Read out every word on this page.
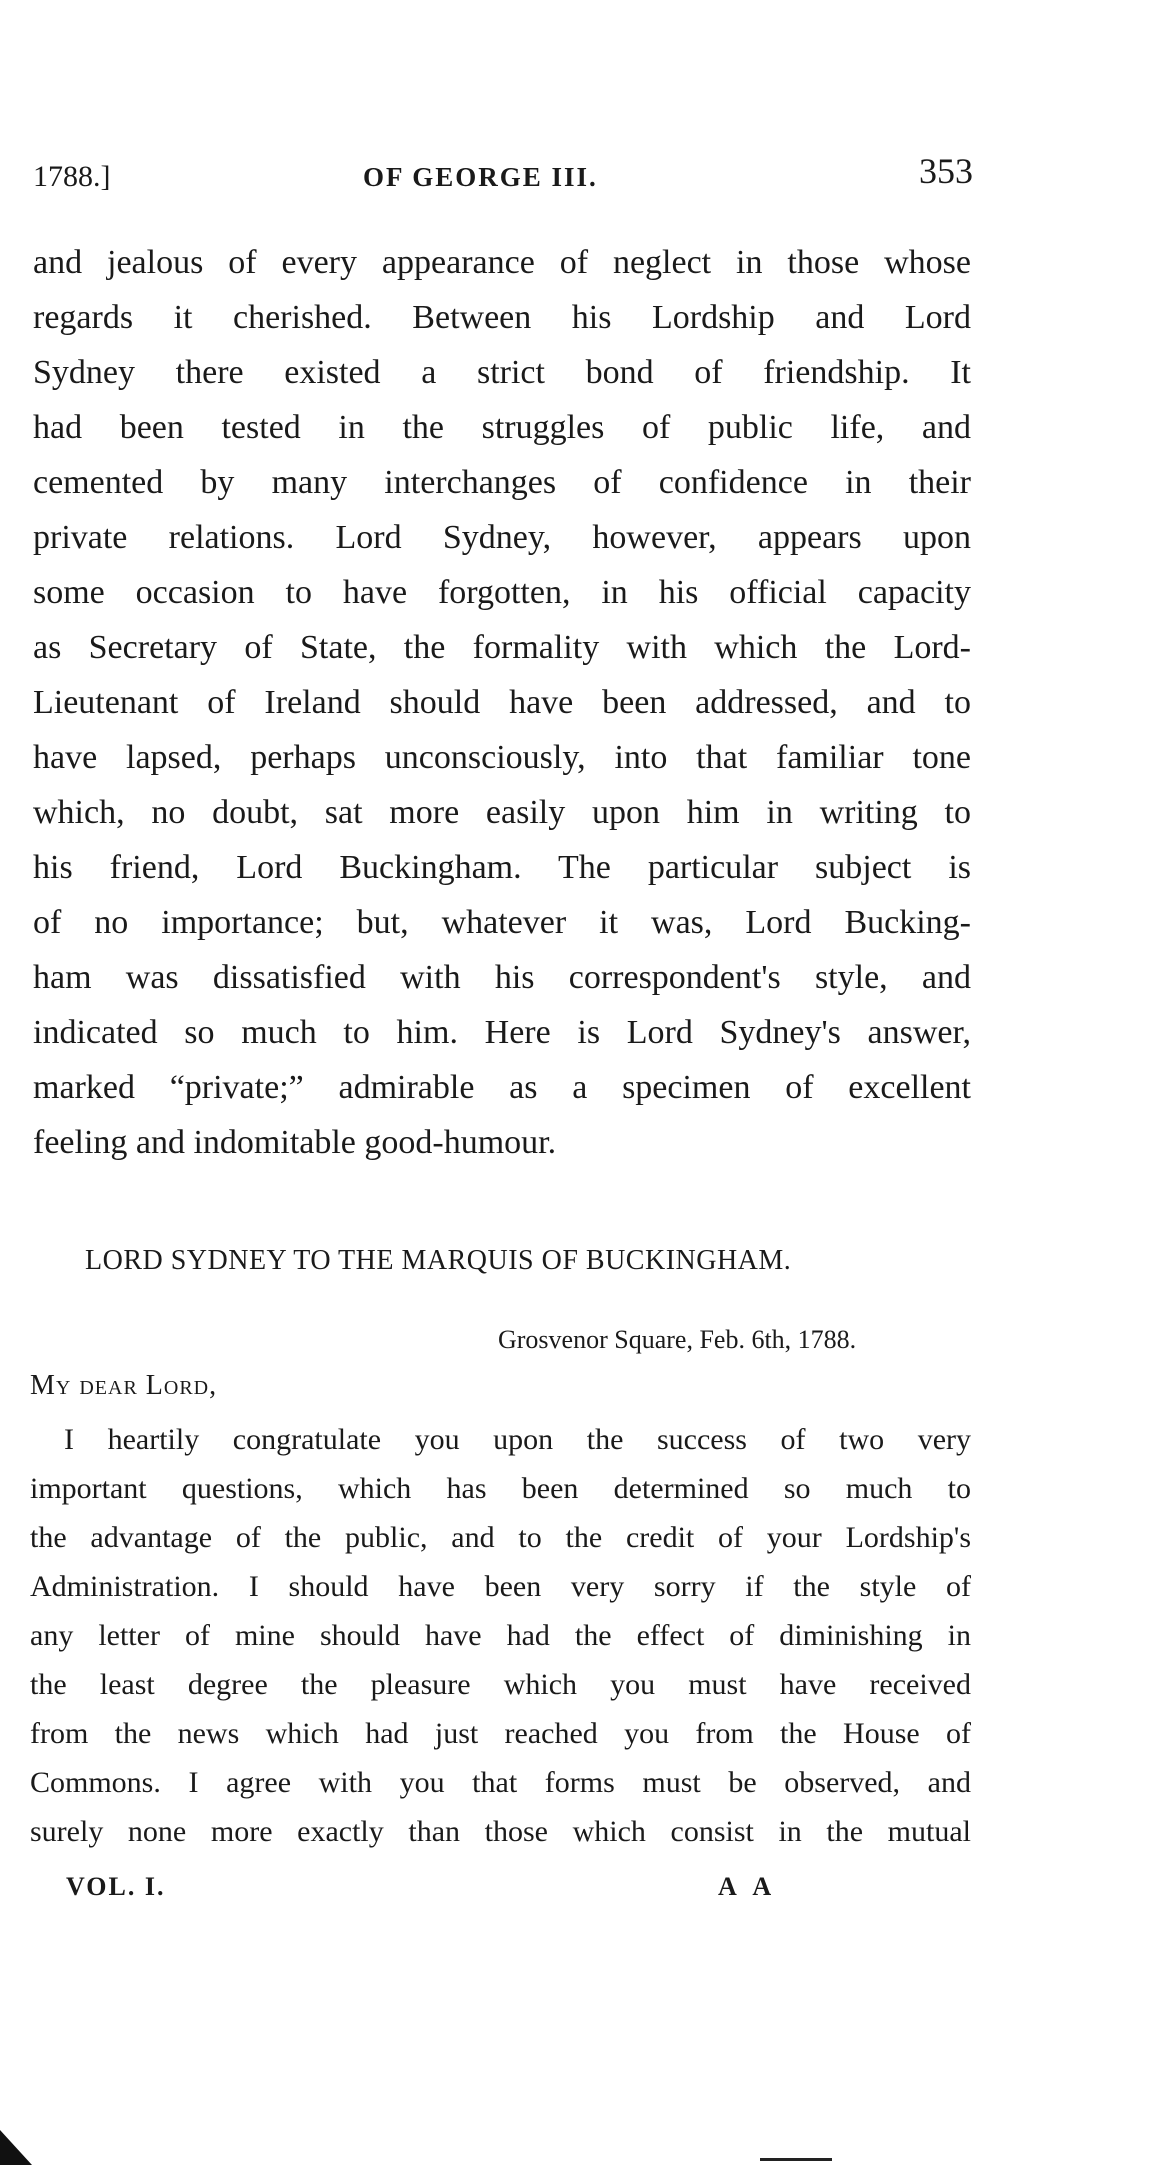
1788.]	OF GEORGE III.	353
and jealous of every appearance of neglect in those whose
regards it cherished. Between his Lordship and Lord
Sydney there existed a strict bond of friendship. It
had been tested in the struggles of public life, and
cemented by many interchanges of confidence in their
private relations. Lord Sydney, however, appears upon
some occasion to have forgotten, in his official capacity
as Secretary of State, the formality with which the Lord-
Lieutenant of Ireland should have been addressed, and to
have lapsed, perhaps unconsciously, into that familiar tone
which, no doubt, sat more easily upon him in writing to
his friend, Lord Buckingham. The particular subject is
of no importance; but, whatever it was, Lord Bucking-
ham was dissatisfied with his correspondent's style, and
indicated so much to him. Here is Lord Sydney's answer,
marked “private;” admirable as a specimen of excellent
feeling and indomitable good-humour.
LORD SYDNEY TO THE MARQUIS OF BUCKINGHAM.
Grosvenor Square, Feb. 6th, 1788.
My dear Lord,
I heartily congratulate you upon the success of two very
important questions, which has been determined so much to
the advantage of the public, and to the credit of your Lordship's
Administration. I should have been very sorry if the style of
any letter of mine should have had the effect of diminishing in
the least degree the pleasure which you must have received
from the news which had just reached you from the House of
Commons. I agree with you that forms must be observed, and
surely none more exactly than those which consist in the mutual
VOL. I.	A A
